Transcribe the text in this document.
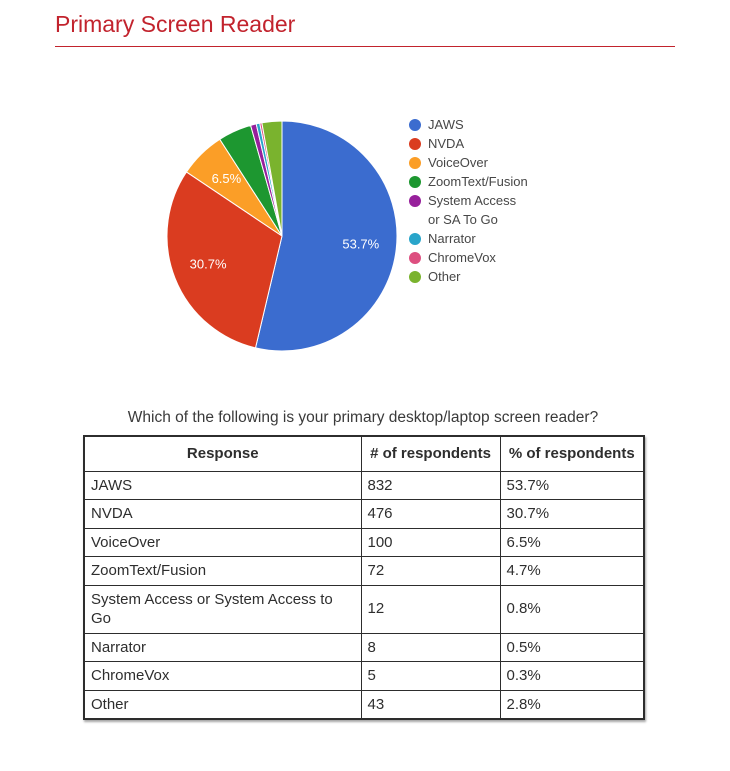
Primary Screen Reader
53.7%
30.7%
6.5%
JAWS
NVDA
VoiceOver
ZoomText/Fusion
System Access or SA To Go
Narrator
ChromeVox
Other
Which of the following is your primary desktop/laptop screen reader?
Response	# of respondents	% of respondents
JAWS	832	53.7%
NVDA	476	30.7%
VoiceOver	100	6.5%
ZoomText/Fusion	72	4.7%
System Access or System Access to Go	12	0.8%
Narrator	8	0.5%
ChromeVox	5	0.3%
Other	43	2.8%
